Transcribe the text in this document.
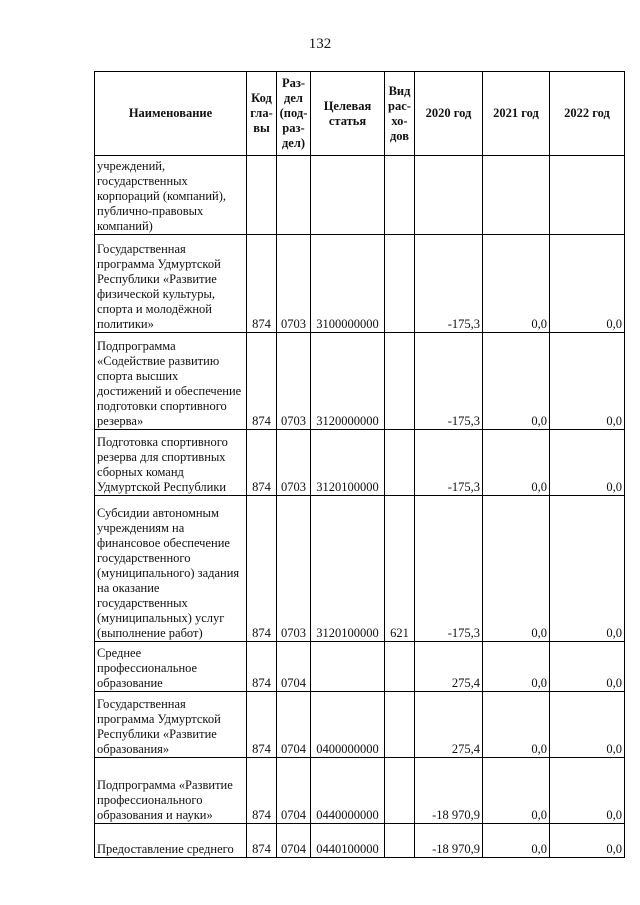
132
Наименование	Код гла-вы	Раз-дел (под-раз-дел)	Целевая статья	Вид рас-хо-дов	2020 год	2021 год	2022 год
учреждений, государственных корпораций (компаний), публично-правовых компаний)							
Государственная программа Удмуртской Республики «Развитие физической культуры, спорта и молодёжной политики»	874	0703	3100000000		-175,3	0,0	0,0
Подпрограмма «Содействие развитию спорта высших достижений и обеспечение подготовки спортивного резерва»	874	0703	3120000000		-175,3	0,0	0,0
Подготовка спортивного резерва для спортивных сборных команд Удмуртской Республики	874	0703	3120100000		-175,3	0,0	0,0
Субсидии автономным учреждениям на финансовое обеспечение государственного (муниципального) задания на оказание государственных (муниципальных) услуг (выполнение работ)	874	0703	3120100000	621	-175,3	0,0	0,0
Среднее профессиональное образование	874	0704			275,4	0,0	0,0
Государственная программа Удмуртской Республики «Развитие образования»	874	0704	0400000000		275,4	0,0	0,0
Подпрограмма «Развитие профессионального образования и науки»	874	0704	0440000000		-18 970,9	0,0	0,0
Предоставление среднего	874	0704	0440100000		-18 970,9	0,0	0,0
